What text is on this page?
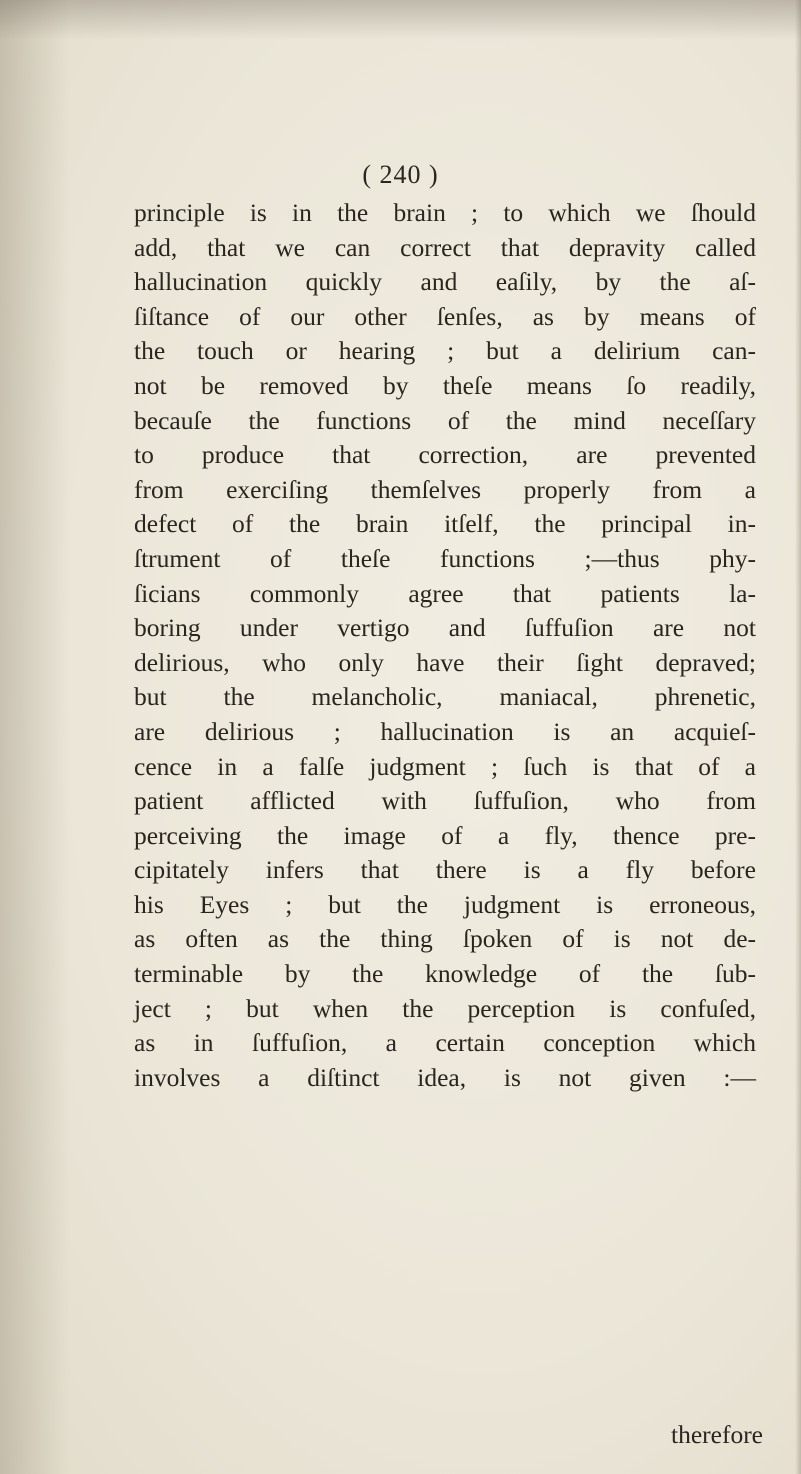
( 240 )
principle is in the brain ; to which we ſhould
add, that we can correct that depravity called
hallucination quickly and eaſily, by the aſ-
ſiſtance of our other ſenſes, as by means of
the touch or hearing ; but a delirium can-
not be removed by theſe means ſo readily,
becauſe the functions of the mind neceſſary
to produce that correction, are prevented
from exerciſing themſelves properly from a
defect of the brain itſelf, the principal in-
ſtrument of theſe functions ;—thus phy-
ſicians commonly agree that patients la-
boring under vertigo and ſuffuſion are not
delirious, who only have their ſight depraved;
but the melancholic, maniacal, phrenetic,
are delirious ; hallucination is an acquieſ-
cence in a falſe judgment ; ſuch is that of a
patient afflicted with ſuffuſion, who from
perceiving the image of a fly, thence pre-
cipitately infers that there is a fly before
his Eyes ; but the judgment is erroneous,
as often as the thing ſpoken of is not de-
terminable by the knowledge of the ſub-
ject ; but when the perception is confuſed,
as in ſuffuſion, a certain conception which
involves a diſtinct idea, is not given :—
therefore
